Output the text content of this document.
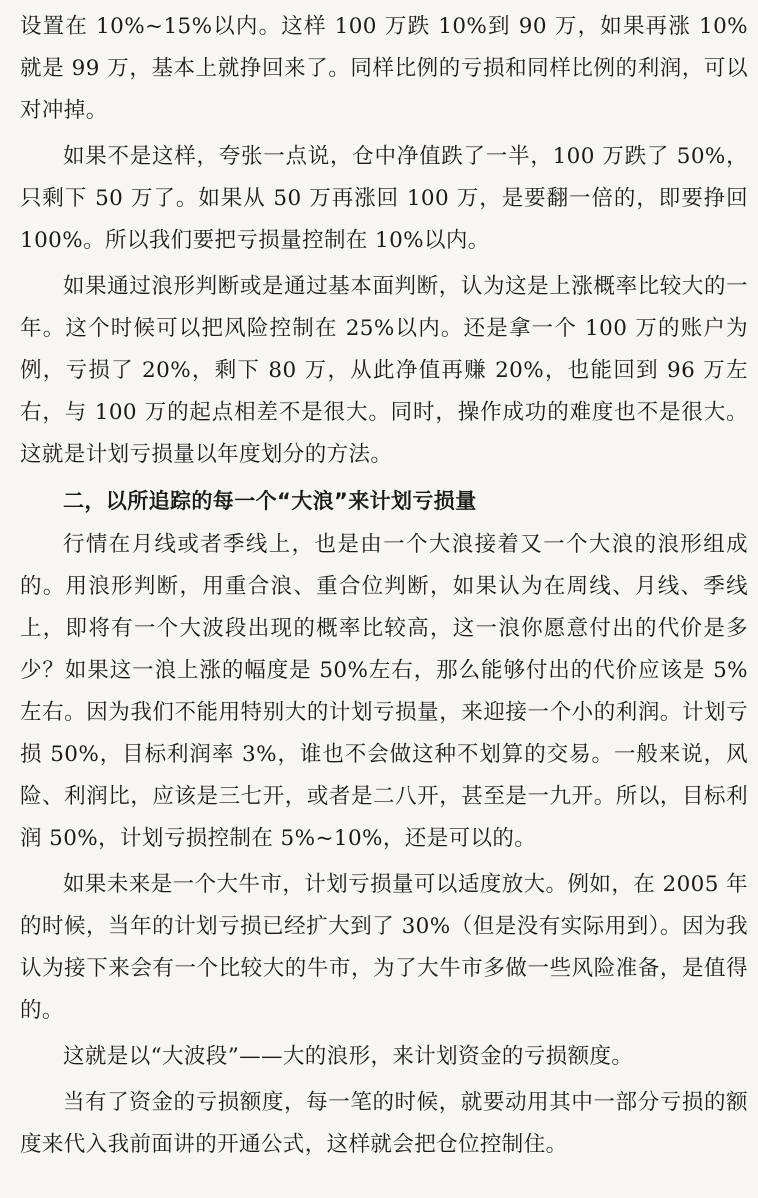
设置在 10%~15%以内。这样 100 万跌 10%到 90 万，如果再涨 10%就是 99 万，基本上就挣回来了。同样比例的亏损和同样比例的利润，可以对冲掉。

如果不是这样，夸张一点说，仓中净值跌了一半，100 万跌了 50%，只剩下 50 万了。如果从 50 万再涨回 100 万，是要翻一倍的，即要挣回 100%。所以我们要把亏损量控制在 10%以内。

如果通过浪形判断或是通过基本面判断，认为这是上涨概率比较大的一年。这个时候可以把风险控制在 25%以内。还是拿一个 100 万的账户为例，亏损了 20%，剩下 80 万，从此净值再赚 20%，也能回到 96 万左右，与 100 万的起点相差不是很大。同时，操作成功的难度也不是很大。这就是计划亏损量以年度划分的方法。

二，以所追踪的每一个“大浪”来计划亏损量

行情在月线或者季线上，也是由一个大浪接着又一个大浪的浪形组成的。用浪形判断，用重合浪、重合位判断，如果认为在周线、月线、季线上，即将有一个大波段出现的概率比较高，这一浪你愿意付出的代价是多少？如果这一浪上涨的幅度是 50%左右，那么能够付出的代价应该是 5%左右。因为我们不能用特别大的计划亏损量，来迎接一个小的利润。计划亏损 50%，目标利润率 3%，谁也不会做这种不划算的交易。一般来说，风险、利润比，应该是三七开，或者是二八开，甚至是一九开。所以，目标利润 50%，计划亏损控制在 5%~10%，还是可以的。

如果未来是一个大牛市，计划亏损量可以适度放大。例如，在 2005 年的时候，当年的计划亏损已经扩大到了 30%（但是没有实际用到）。因为我认为接下来会有一个比较大的牛市，为了大牛市多做一些风险准备，是值得的。

这就是以“大波段”——大的浪形，来计划资金的亏损额度。

当有了资金的亏损额度，每一笔的时候，就要动用其中一部分亏损的额度来代入我前面讲的开通公式，这样就会把仓位控制住。
